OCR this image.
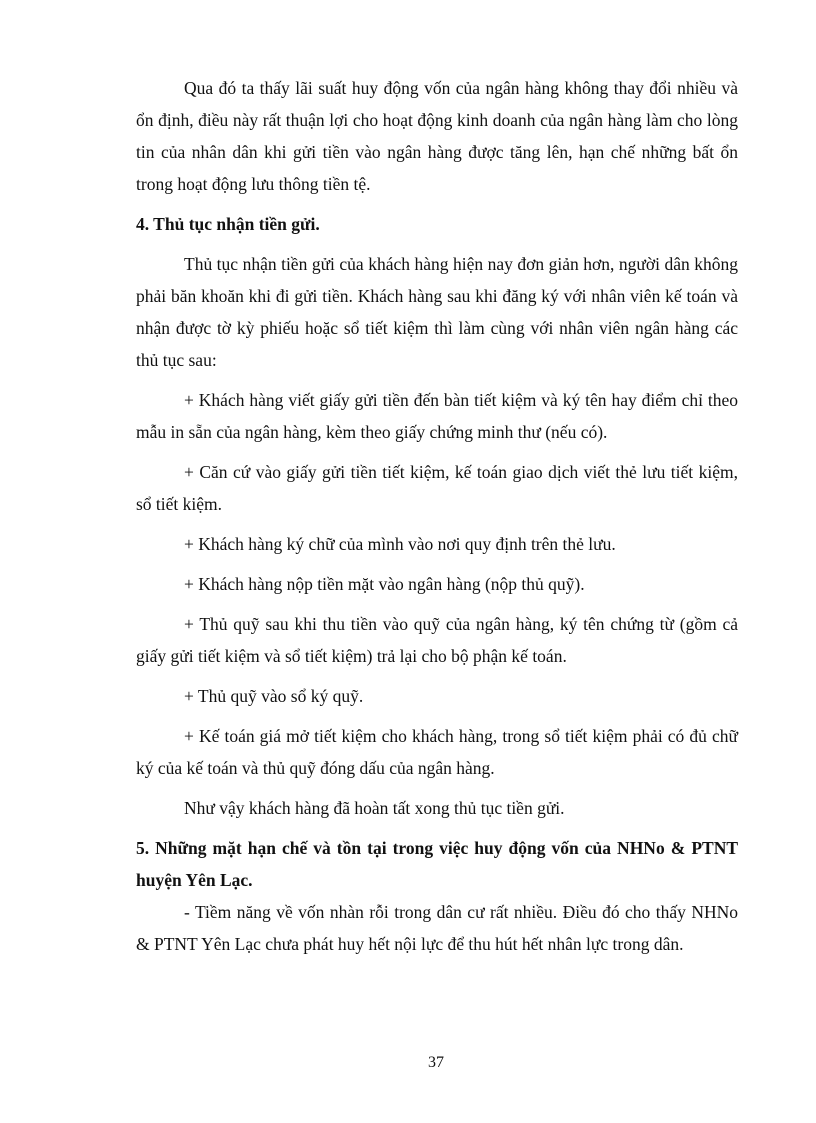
Qua đó ta thấy lãi suất huy động vốn của ngân hàng không thay đổi nhiều và ổn định, điều này rất thuận lợi cho hoạt động kinh doanh của ngân hàng làm cho lòng tin của nhân dân khi gửi tiền vào ngân hàng được tăng lên, hạn chế những bất ổn trong hoạt động lưu thông tiền tệ.

4. Thủ tục nhận tiền gửi.

Thủ tục nhận tiền gửi của khách hàng hiện nay đơn giản hơn, người dân không phải băn khoăn khi đi gửi tiền. Khách hàng sau khi đăng ký với nhân viên kế toán và nhận được tờ kỳ phiếu hoặc sổ tiết kiệm thì làm cùng với nhân viên ngân hàng các thủ tục sau:

+ Khách hàng viết giấy gửi tiền đến bàn tiết kiệm và ký tên hay điểm chỉ theo mẫu in sẵn của ngân hàng, kèm theo giấy chứng minh thư (nếu có).

+ Căn cứ vào giấy gửi tiền tiết kiệm, kế toán giao dịch viết thẻ lưu tiết kiệm, sổ tiết kiệm.

+ Khách hàng ký chữ của mình vào nơi quy định trên thẻ lưu.

+ Khách hàng nộp tiền mặt vào ngân hàng (nộp thủ quỹ).

+ Thủ quỹ sau khi thu tiền vào quỹ của ngân hàng, ký tên chứng từ (gồm cả giấy gửi tiết kiệm và sổ tiết kiệm) trả lại cho bộ phận kế toán.

+ Thủ quỹ vào sổ ký quỹ.

+ Kế toán giá mở tiết kiệm cho khách hàng, trong sổ tiết kiệm phải có đủ chữ ký của kế toán và thủ quỹ đóng dấu của ngân hàng.

Như vậy khách hàng đã hoàn tất xong thủ tục tiền gửi.

5. Những mặt hạn chế và tồn tại trong việc huy động vốn của NHNo & PTNT huyện Yên Lạc.

- Tiềm năng về vốn nhàn rỗi trong dân cư rất nhiều. Điều đó cho thấy NHNo & PTNT Yên Lạc chưa phát huy hết nội lực để thu hút hết nhân lực trong dân.

37
